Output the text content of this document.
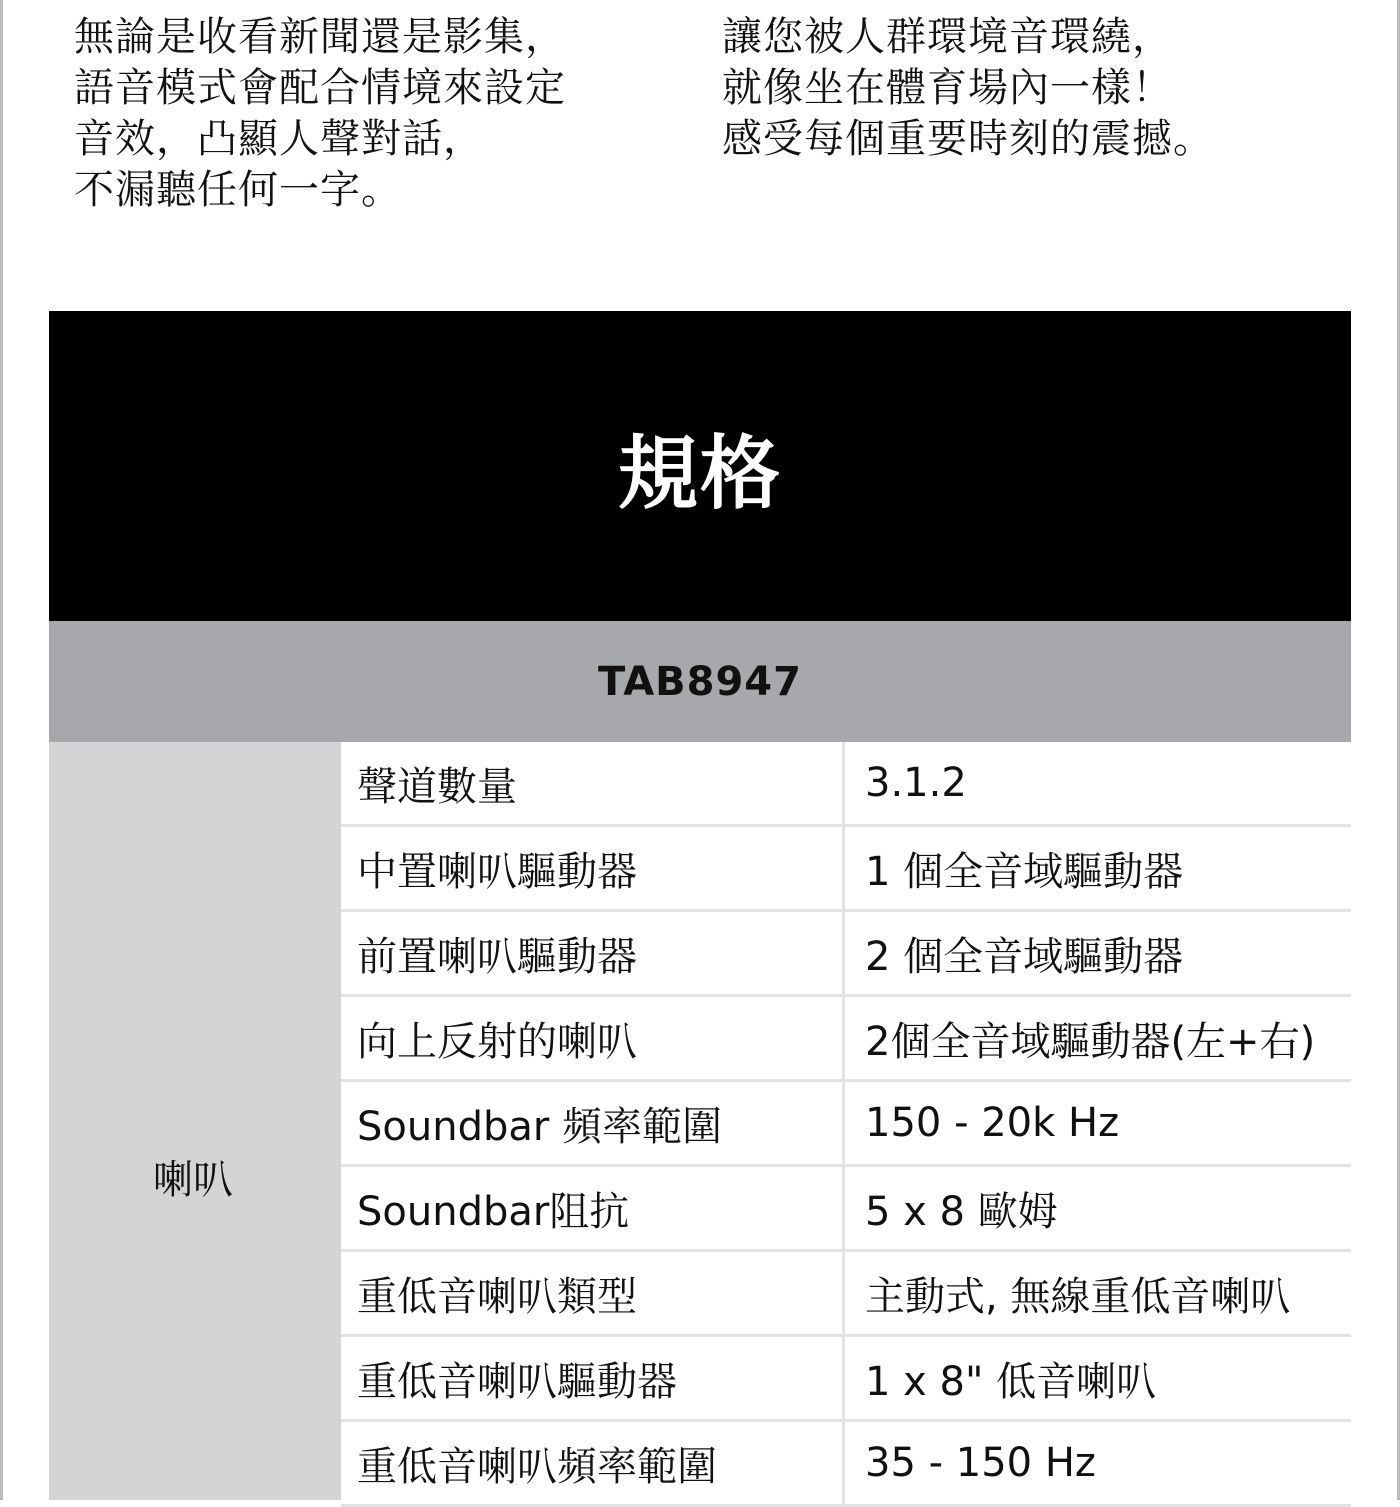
無論是收看新聞還是影集，
語音模式會配合情境來設定
音效，凸顯人聲對話，
不漏聽任何一字。
讓您被人群環境音環繞，
就像坐在體育場內一樣！
感受每個重要時刻的震撼。
規格
TAB8947
喇叭
聲道數量	3.1.2
中置喇叭驅動器	1 個全音域驅動器
前置喇叭驅動器	2 個全音域驅動器
向上反射的喇叭	2個全音域驅動器(左+右)
Soundbar 頻率範圍	150 - 20k Hz
Soundbar阻抗	5 x 8 歐姆
重低音喇叭類型	主動式, 無線重低音喇叭
重低音喇叭驅動器	1 x 8" 低音喇叭
重低音喇叭頻率範圍	35 - 150 Hz
